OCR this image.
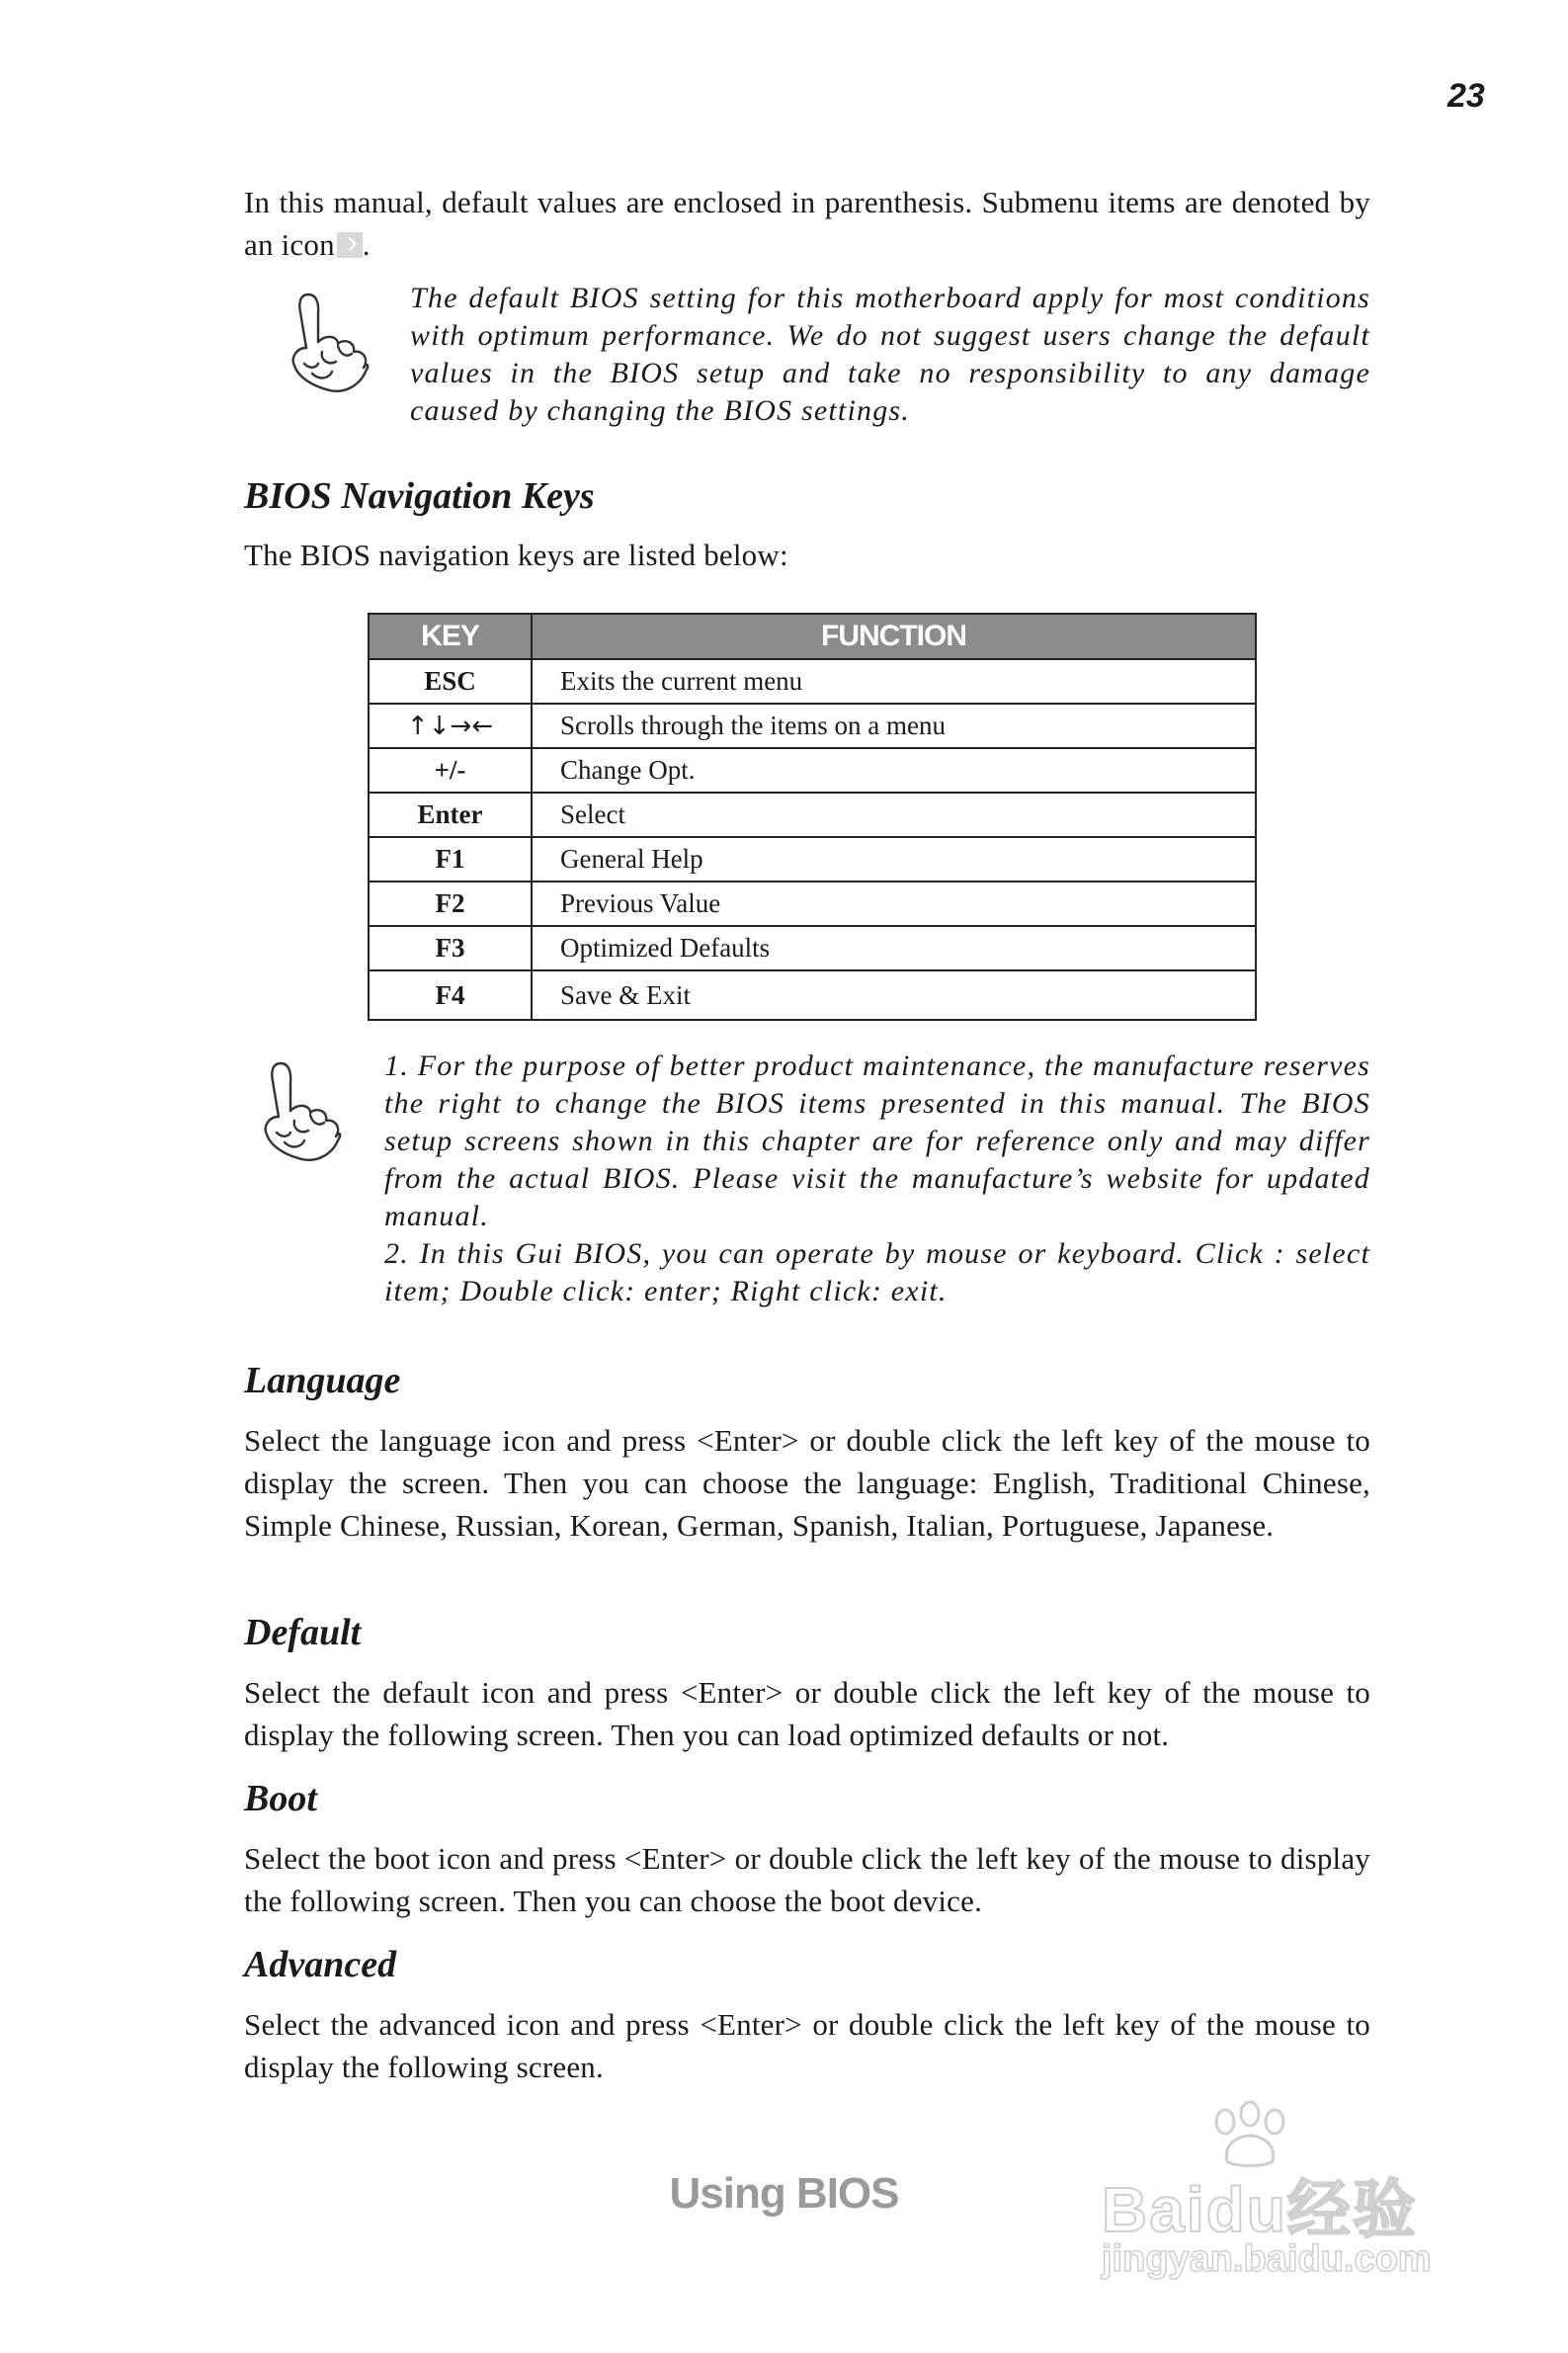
23
In this manual, default values are enclosed in parenthesis. Submenu items are denoted by an icon .
The default BIOS setting for this motherboard apply for most conditions with optimum performance. We do not suggest users change the default values in the BIOS setup and take no responsibility to any damage caused by changing the BIOS settings.
BIOS Navigation Keys
The BIOS navigation keys are listed below:
KEY	FUNCTION
ESC	Exits the current menu
↑↓→←	Scrolls through the items on a menu
+/-	Change Opt.
Enter	Select
F1	General Help
F2	Previous Value
F3	Optimized Defaults
F4	Save & Exit
1. For the purpose of better product maintenance, the manufacture reserves the right to change the BIOS items presented in this manual. The BIOS setup screens shown in this chapter are for reference only and may differ from the actual BIOS. Please visit the manufacture’s website for updated manual.
2. In this Gui BIOS, you can operate by mouse or keyboard. Click : select item; Double click: enter; Right click: exit.
Language
Select the language icon and press <Enter> or double click the left key of the mouse to display the screen. Then you can choose the language: English, Traditional Chinese, Simple Chinese, Russian, Korean, German, Spanish, Italian, Portuguese, Japanese.
Default
Select the default icon and press <Enter> or double click the left key of the mouse to display the following screen. Then you can load optimized defaults or not.
Boot
Select the boot icon and press <Enter> or double click the left key of the mouse to display the following screen. Then you can choose the boot device.
Advanced
Select the advanced icon and press <Enter> or double click the left key of the mouse to display the following screen.
Using BIOS	Baidu经验
jingyan.baidu.com
